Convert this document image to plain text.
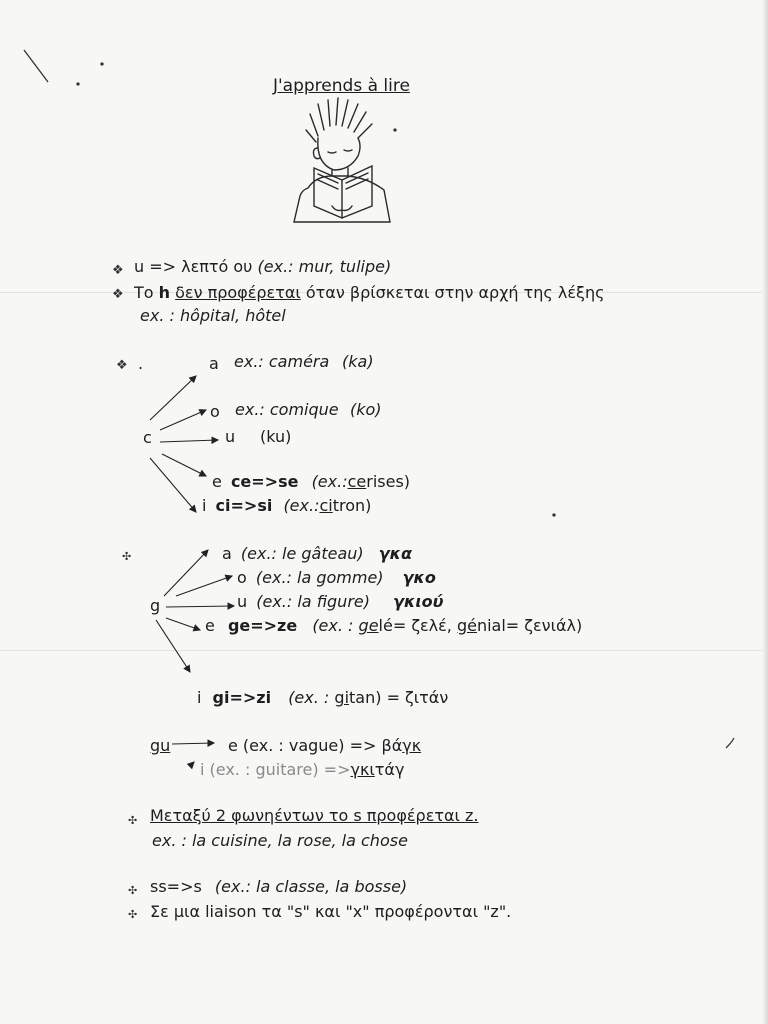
J'apprends à lire
❖ u => λεπτό ου (ex.: mur, tulipe)
❖ Το h δεν προφέρεται όταν βρίσκεται στην αρχή της λέξης
ex. : hôpital, hôtel
❖ .
c
a ex.: caméra (ka)
o ex.: comique (ko)
u (ku)
e ce=>se (ex.:cerises)
i ci=>si (ex.:citron)
✣
g
a (ex.: le gâteau) γκα
o (ex.: la gomme) γκο
u (ex.: la figure) γκιού
e ge=>ze (ex. : gelé= ζελέ, génial= ζενιάλ)
i gi=>zi (ex. : gitan) = ζιτάν
gu	e (ex. : vague) => βάγκ
i (ex. : guitare) =>γκιτάγ
✣ Μεταξύ 2 φωνηέντων το s προφέρεται z.
ex. : la cuisine, la rose, la chose
✣ ss=>s (ex.: la classe, la bosse)
✣ Σε μια liaison τα "s" και "x" προφέρονται "z".
